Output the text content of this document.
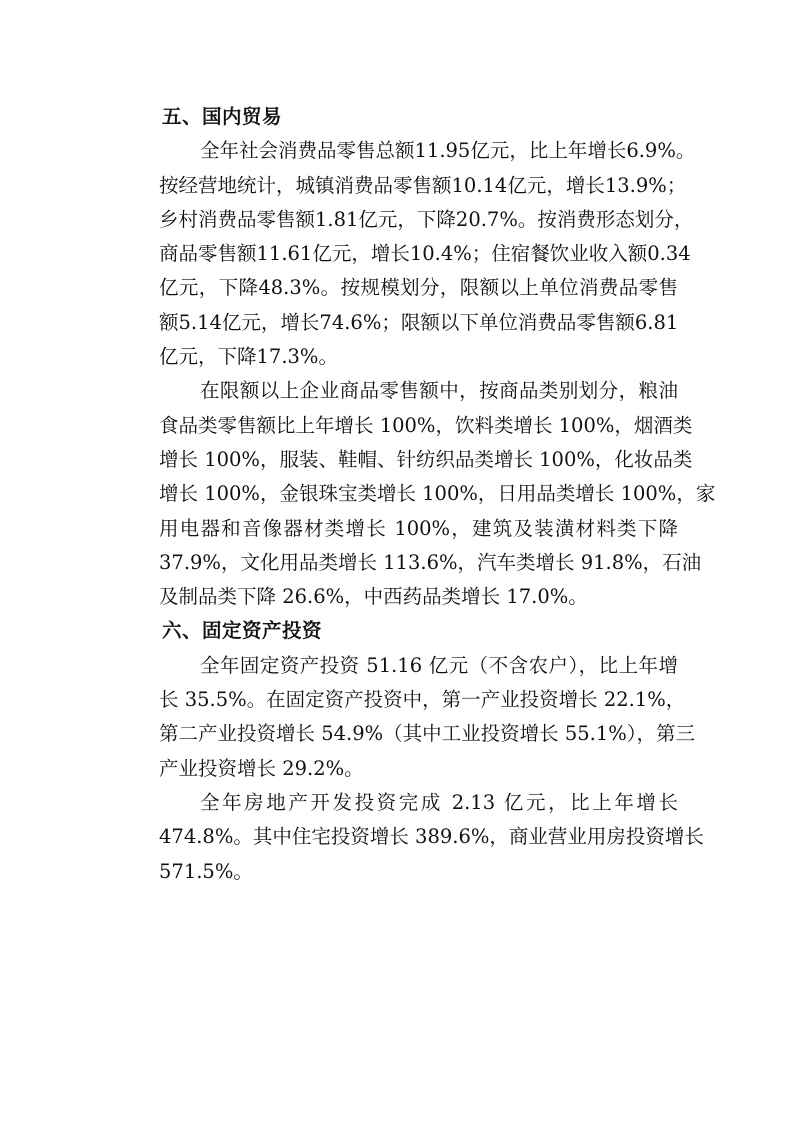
五、国内贸易

全年社会消费品零售总额11.95亿元，比上年增长6.9%。
按经营地统计，城镇消费品零售额10.14亿元，增长13.9%；
乡村消费品零售额1.81亿元，下降20.7%。按消费形态划分，
商品零售额11.61亿元，增长10.4%；住宿餐饮业收入额0.34
亿元，下降48.3%。按规模划分，限额以上单位消费品零售
额5.14亿元，增长74.6%；限额以下单位消费品零售额6.81
亿元，下降17.3%。
在限额以上企业商品零售额中，按商品类别划分，粮油
食品类零售额比上年增长 100%，饮料类增长 100%，烟酒类
增长 100%，服装、鞋帽、针纺织品类增长 100%，化妆品类
增长 100%，金银珠宝类增长 100%，日用品类增长 100%，家
用电器和音像器材类增长 100%，建筑及装潢材料类下降
37.9%，文化用品类增长 113.6%，汽车类增长 91.8%，石油
及制品类下降 26.6%，中西药品类增长 17.0%。

六、固定资产投资

全年固定资产投资 51.16 亿元（不含农户），比上年增
长 35.5%。在固定资产投资中，第一产业投资增长 22.1%，
第二产业投资增长 54.9%（其中工业投资增长 55.1%），第三
产业投资增长 29.2%。
全年房地产开发投资完成 2.13 亿元，比上年增长
474.8%。其中住宅投资增长 389.6%，商业营业用房投资增长
571.5%。
